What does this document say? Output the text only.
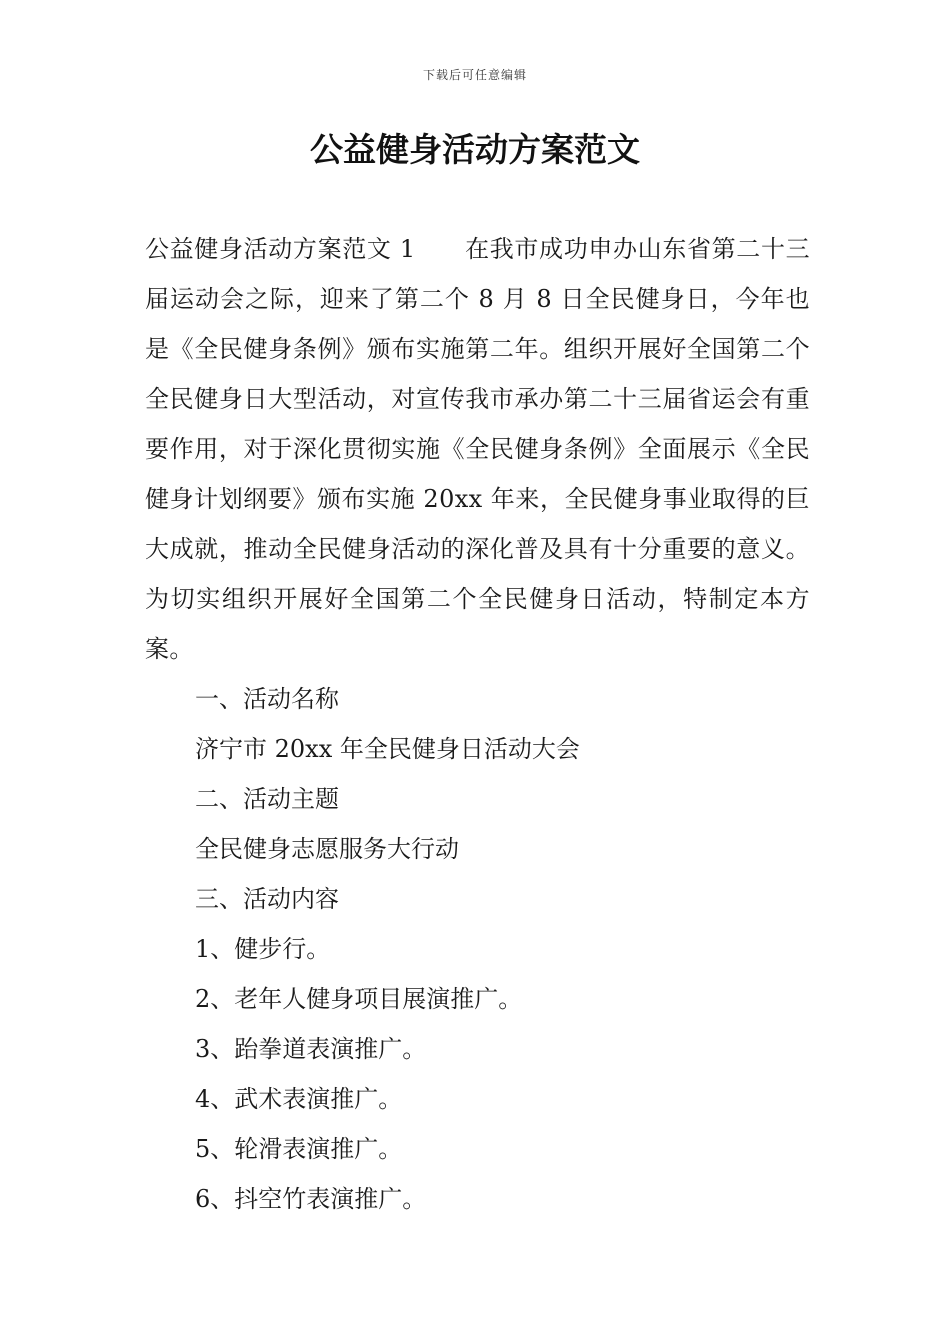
下载后可任意编辑
公益健身活动方案范文

公益健身活动方案范文 1　　在我市成功申办山东省第二十三届运动会之际，迎来了第二个 8 月 8 日全民健身日，今年也是《全民健身条例》颁布实施第二年。组织开展好全国第二个全民健身日大型活动，对宣传我市承办第二十三届省运会有重要作用，对于深化贯彻实施《全民健身条例》全面展示《全民健身计划纲要》颁布实施 20xx 年来，全民健身事业取得的巨大成就，推动全民健身活动的深化普及具有十分重要的意义。为切实组织开展好全国第二个全民健身日活动，特制定本方案。

一、活动名称

济宁市 20xx 年全民健身日活动大会

二、活动主题

全民健身志愿服务大行动

三、活动内容

1、健步行。

2、老年人健身项目展演推广。

3、跆拳道表演推广。

4、武术表演推广。

5、轮滑表演推广。

6、抖空竹表演推广。
